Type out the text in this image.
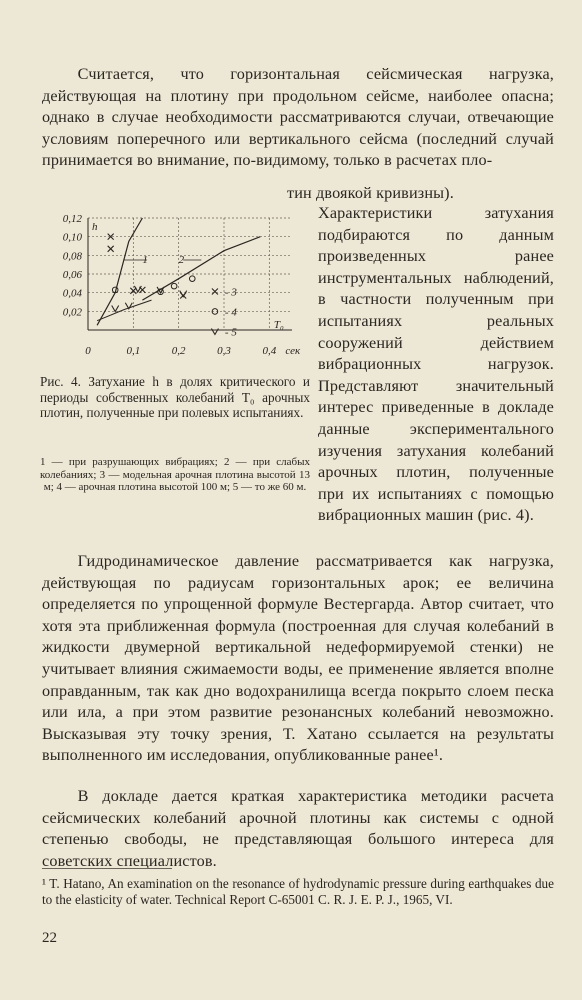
Считается, что горизонтальная сейсмическая нагрузка, действующая на плотину при продольном сейсме, наиболее опасна; однако в случае необходимости рассматриваются случаи, отвечающие условиям поперечного или вертикального сейсма (последний случай принимается во внимание, по-видимому, только в расчетах пло-

Характеристики затухания подбираются по данным произведенных ранее инструментальных наблюдений, в частности полученным при испытаниях реальных сооружений действием вибрационных нагрузок. Представляют значительный интерес приведенные в докладе данные экспериментального изучения затухания колебаний арочных плотин, полученные при их испытаниях с помощью вибрационных машин (рис. 4).

0,02
0,04
0,06
0,08
0,10
0,12
0	0,1	0,2	0,3	0,4 сек
h
1	2
- 3
- 4
- 5
T₀

Рис. 4. Затухание h в долях критического и периоды собственных колебаний T₀ арочных плотин, полученные при полевых испытаниях.

1 — при разрушающих вибрациях; 2 — при слабых колебаниях; 3 — модельная арочная плотина высотой 13 м; 4 — арочная плотина высотой 100 м; 5 — то же 60 м.

Гидродинамическое давление рассматривается как нагрузка, действующая по радиусам горизонтальных арок; ее величина определяется по упрощенной формуле Вестергарда. Автор считает, что хотя эта приближенная формула (построенная для случая колебаний в жидкости двумерной вертикальной недеформируемой стенки) не учитывает влияния сжимаемости воды, ее применение является вполне оправданным, так как дно водохранилища всегда покрыто слоем песка или ила, а при этом развитие резонансных колебаний невозможно. Высказывая эту точку зрения, Т. Хатано ссылается на результаты выполненного им исследования, опубликованные ранее¹.

В докладе дается краткая характеристика методики расчета сейсмических колебаний арочной плотины как системы с одной степенью свободы, не представляющая большого интереса для советских специалистов.

¹ T. Hatano, An examination on the resonance of hydrodynamic pressure during earthquakes due to the elasticity of water. Technical Report C-65001 C. R. J. E. P. J., 1965, VI.

22

тин двоякой кривизны).
